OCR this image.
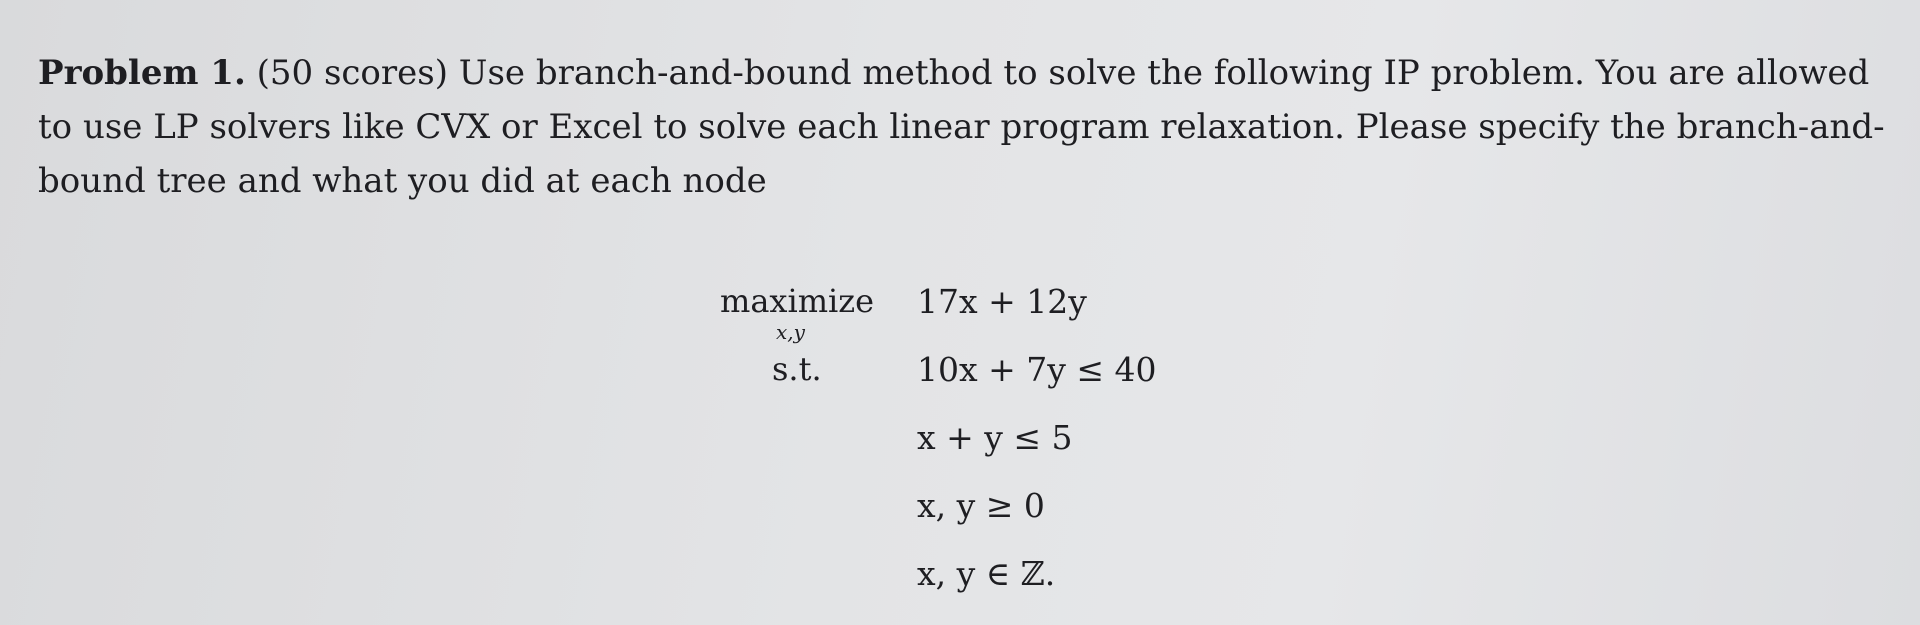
Problem 1. (50 scores) Use branch-and-bound method to solve the following IP problem. You are allowed
to use LP solvers like CVX or Excel to solve each linear program relaxation. Please specify the branch-and-
bound tree and what you did at each node
maximize
x,y
s.t.
17x + 12y
10x + 7y ≤ 40
x + y ≤ 5
x, y ≥ 0
x, y ∈ ℤ.
